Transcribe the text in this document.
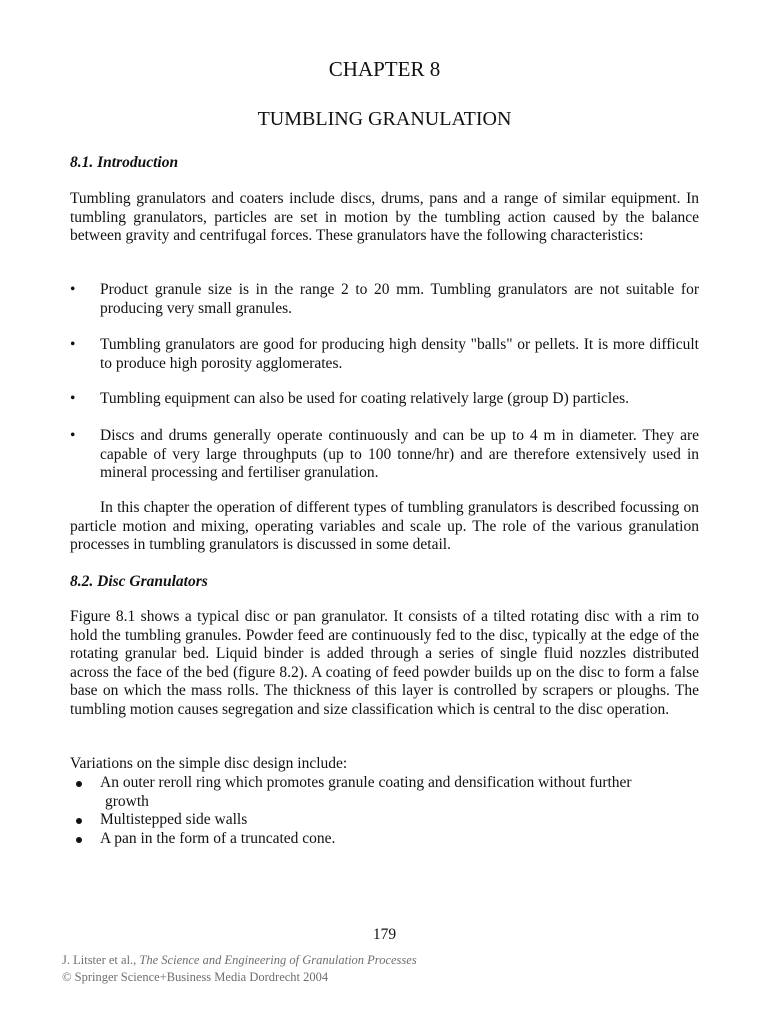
CHAPTER 8
TUMBLING GRANULATION
8.1. Introduction

Tumbling granulators and coaters include discs, drums, pans and a range of similar equipment. In tumbling granulators, particles are set in motion by the tumbling action caused by the balance between gravity and centrifugal forces. These granulators have the following characteristics:

• Product granule size is in the range 2 to 20 mm. Tumbling granulators are not suitable for producing very small granules.
• Tumbling granulators are good for producing high density "balls" or pellets. It is more difficult to produce high porosity agglomerates.
• Tumbling equipment can also be used for coating relatively large (group D) particles.
• Discs and drums generally operate continuously and can be up to 4 m in diameter. They are capable of very large throughputs (up to 100 tonne/hr) and are therefore extensively used in mineral processing and fertiliser granulation.

In this chapter the operation of different types of tumbling granulators is described focussing on particle motion and mixing, operating variables and scale up. The role of the various granulation processes in tumbling granulators is discussed in some detail.

8.2. Disc Granulators

Figure 8.1 shows a typical disc or pan granulator. It consists of a tilted rotating disc with a rim to hold the tumbling granules. Powder feed are continuously fed to the disc, typically at the edge of the rotating granular bed. Liquid binder is added through a series of single fluid nozzles distributed across the face of the bed (figure 8.2). A coating of feed powder builds up on the disc to form a false base on which the mass rolls. The thickness of this layer is controlled by scrapers or ploughs. The tumbling motion causes segregation and size classification which is central to the disc operation.

Variations on the simple disc design include:

An outer reroll ring which promotes granule coating and densification without further
growth
Multistepped side walls
A pan in the form of a truncated cone.
179
J. Litster et al., The Science and Engineering of Granulation Processes
© Springer Science+Business Media Dordrecht 2004
